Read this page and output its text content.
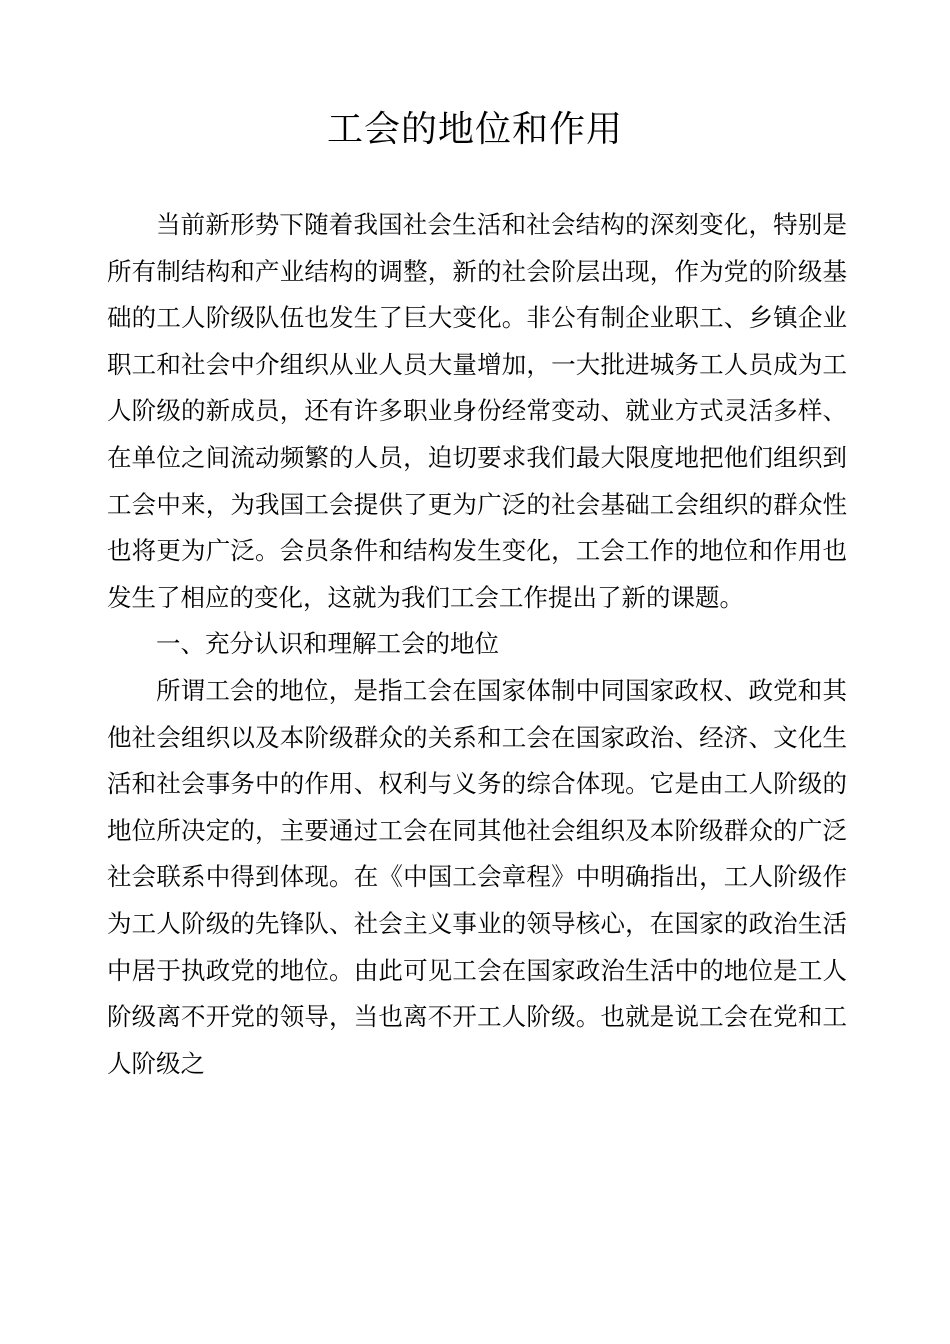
工会的地位和作用

当前新形势下随着我国社会生活和社会结构的深刻变化，特别是所有制结构和产业结构的调整，新的社会阶层出现，作为党的阶级基础的工人阶级队伍也发生了巨大变化。非公有制企业职工、乡镇企业职工和社会中介组织从业人员大量增加，一大批进城务工人员成为工人阶级的新成员，还有许多职业身份经常变动、就业方式灵活多样、在单位之间流动频繁的人员，迫切要求我们最大限度地把他们组织到工会中来，为我国工会提供了更为广泛的社会基础工会组织的群众性也将更为广泛。会员条件和结构发生变化，工会工作的地位和作用也发生了相应的变化，这就为我们工会工作提出了新的课题。

一、充分认识和理解工会的地位

所谓工会的地位，是指工会在国家体制中同国家政权、政党和其他社会组织以及本阶级群众的关系和工会在国家政治、经济、文化生活和社会事务中的作用、权利与义务的综合体现。它是由工人阶级的地位所决定的，主要通过工会在同其他社会组织及本阶级群众的广泛社会联系中得到体现。在《中国工会章程》中明确指出，工人阶级作为工人阶级的先锋队、社会主义事业的领导核心，在国家的政治生活中居于执政党的地位。由此可见工会在国家政治生活中的地位是工人阶级离不开党的领导，当也离不开工人阶级。也就是说工会在党和工人阶级之
